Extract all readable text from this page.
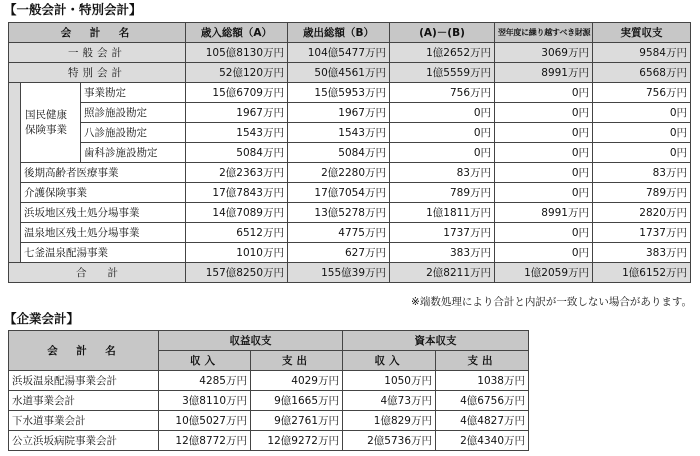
【一般会計・特別会計】
会　計　名			歳入総額（A）	歳出総額（B）	(A)－(B)	翌年度に繰り越すべき財源	実質収支
一般会計			105億8130万円	104億5477万円	1億2652万円	3069万円	9584万円
特別会計			52億120万円	50億4561万円	1億5559万円	8991万円	6568万円
	国民健康保険事業	事業勘定	15億6709万円	15億5953万円	756万円	0円	756万円
		照診施設勘定	1967万円	1967万円	0円	0円	0円
		八診施設勘定	1543万円	1543万円	0円	0円	0円
		歯科診施設勘定	5084万円	5084万円	0円	0円	0円
	後期高齢者医療事業		2億2363万円	2億2280万円	83万円	0円	83万円
	介護保険事業		17億7843万円	17億7054万円	789万円	0円	789万円
	浜坂地区残土処分場事業		14億7089万円	13億5278万円	1億1811万円	8991万円	2820万円
	温泉地区残土処分場事業		6512万円	4775万円	1737万円	0円	1737万円
	七釜温泉配湯事業		1010万円	627万円	383万円	0円	383万円
合　　計			157億8250万円	155億39万円	2億8211万円	1億2059万円	1億6152万円
※端数処理により合計と内訳が一致しない場合があります。
【企業会計】
会　計　名	収益収支		資本収支	
	収入	支出	収入	支出
浜坂温泉配湯事業会計	4285万円	4029万円	1050万円	1038万円
水道事業会計	3億8110万円	9億1665万円	4億73万円	4億6756万円
下水道事業会計	10億5027万円	9億2761万円	1億829万円	4億4827万円
公立浜坂病院事業会計	12億8772万円	12億9272万円	2億5736万円	2億4340万円
